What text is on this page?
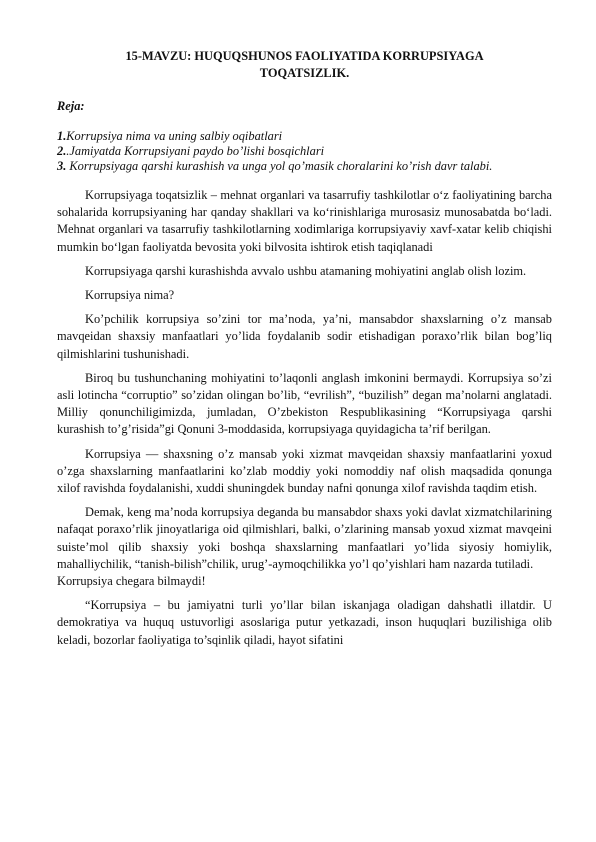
15-MAVZU: HUQUQSHUNOS FAOLIYATIDA KORRUPSIYAGA
TOQATSIZLIK.
Reja:
1.Korrupsiya nima va uning salbiy oqibatlari
2..Jamiyatda Korrupsiyani paydo bo’lishi bosqichlari
3. Korrupsiyaga qarshi kurashish va unga yol qo’masik choralarini ko’rish davr talabi.

Korrupsiyaga toqatsizlik – mehnat organlari va tasarrufiy tashkilotlar o‘z faoliyatining barcha sohalarida korrupsiyaning har qanday shakllari va ko‘rinishlariga murosasiz munosabatda bo‘ladi. Mehnat organlari va tasarrufiy tashkilotlarning xodimlariga korrupsiyaviy xavf-xatar kelib chiqishi mumkin bo‘lgan faoliyatda bevosita yoki bilvosita ishtirok etish taqiqlanadi

Korrupsiyaga qarshi kurashishda avvalo ushbu atamaning mohiyatini anglab olish lozim.

Korrupsiya nima?

Ko’pchilik korrupsiya so’zini tor ma’noda, ya’ni, mansabdor shaxslarning o’z mansab mavqeidan shaxsiy manfaatlari yo’lida foydalanib sodir etishadigan poraxo’rlik bilan bog’liq qilmishlarini tushunishadi.

Biroq bu tushunchaning mohiyatini to’laqonli anglash imkonini bermaydi. Korrupsiya so’zi asli lotincha “corruptio” so’zidan olingan bo’lib, “evrilish”, “buzilish” degan ma’nolarni anglatadi. Milliy qonunchiligimizda, jumladan, O’zbekiston Respublikasining “Korrupsiyaga qarshi kurashish to’g’risida”gi Qonuni 3-moddasida, korrupsiyaga quyidagicha ta’rif berilgan.

Korrupsiya — shaxsning o’z mansab yoki xizmat mavqeidan shaxsiy manfaatlarini yoxud o’zga shaxslarning manfaatlarini ko’zlab moddiy yoki nomoddiy naf olish maqsadida qonunga xilof ravishda foydalanishi, xuddi shuningdek bunday nafni qonunga xilof ravishda taqdim etish.

Demak, keng ma’noda korrupsiya deganda bu mansabdor shaxs yoki davlat xizmatchilarining nafaqat poraxo’rlik jinoyatlariga oid qilmishlari, balki, o’zlarining mansab yoxud xizmat mavqeini suiste’mol qilib shaxsiy yoki boshqa shaxslarning manfaatlari yo’lida siyosiy homiylik, mahalliychilik, “tanish-bilish”chilik, urug’-aymoqchilikka yo’l qo’yishlari ham nazarda tutiladi.

Korrupsiya chegara bilmaydi!

“Korrupsiya – bu jamiyatni turli yo’llar bilan iskanjaga oladigan dahshatli illatdir. U demokratiya va huquq ustuvorligi asoslariga putur yetkazadi, inson huquqlari buzilishiga olib keladi, bozorlar faoliyatiga to’sqinlik qiladi, hayot sifatini
